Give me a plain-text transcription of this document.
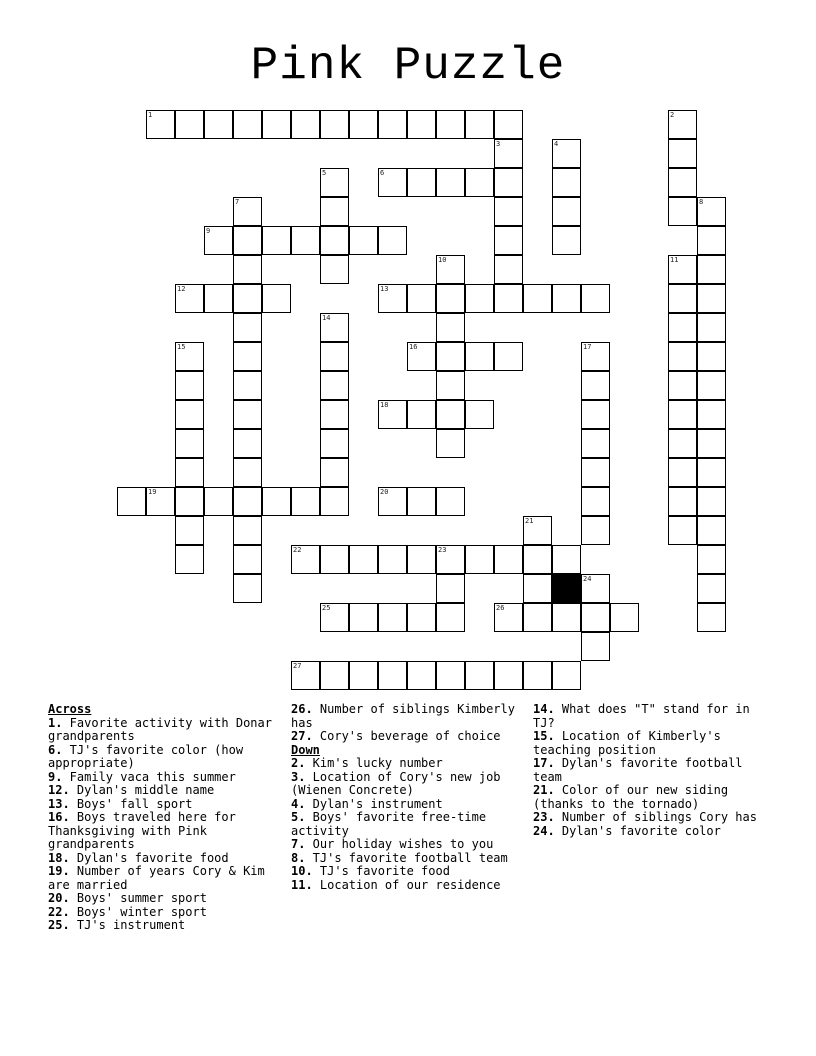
Pink Puzzle
1	2
3	4
5	6
7	8
9
10	11
12	13
14
15	16	17
18
19	20
21
22	23
24
25	26
27

Across

1. Favorite activity with Donar grandparents

6. TJ's favorite color (how appropriate)

9. Family vaca this summer

12. Dylan's middle name

13. Boys' fall sport

16. Boys traveled here for Thanksgiving with Pink grandparents

18. Dylan's favorite food

19. Number of years Cory & Kim are married

20. Boys' summer sport

22. Boys' winter sport

25. TJ's instrument

26. Number of siblings Kimberly has

27. Cory's beverage of choice

Down

2. Kim's lucky number

3. Location of Cory's new job (Wienen Concrete)

4. Dylan's instrument

5. Boys' favorite free-time activity

7. Our holiday wishes to you

8. TJ's favorite football team

10. TJ's favorite food

11. Location of our residence

14. What does "T" stand for in TJ?

15. Location of Kimberly's teaching position

17. Dylan's favorite football team

21. Color of our new siding (thanks to the tornado)

23. Number of siblings Cory has

24. Dylan's favorite color
